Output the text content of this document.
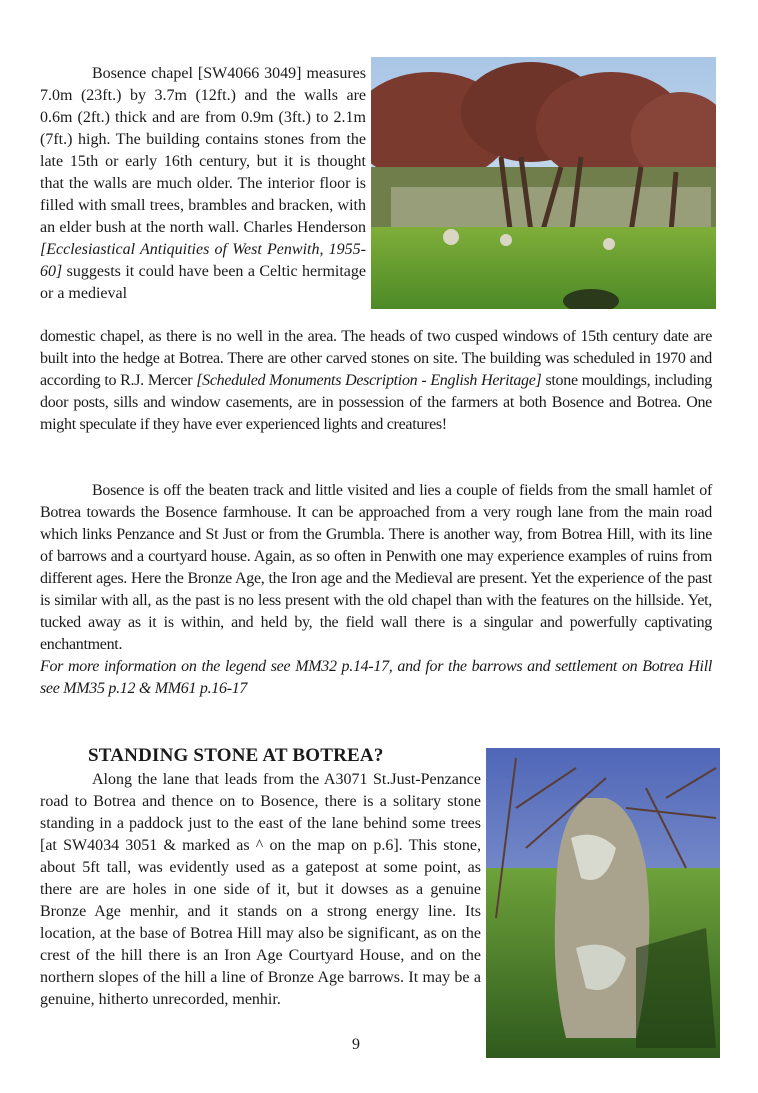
Bosence chapel [SW4066 3049] measures 7.0m (23ft.) by 3.7m (12ft.) and the walls are 0.6m (2ft.) thick and are from 0.9m (3ft.) to 2.1m (7ft.) high. The building contains stones from the late 15th or early 16th century, but it is thought that the walls are much older. The interior floor is filled with small trees, brambles and bracken, with an elder bush at the north wall. Charles Henderson [Ecclesiastical Antiquities of West Penwith, 1955-60] suggests it could have been a Celtic hermitage or a medieval

domestic chapel, as there is no well in the area. The heads of two cusped windows of 15th century date are built into the hedge at Botrea. There are other carved stones on site. The building was scheduled in 1970 and according to R.J. Mercer [Scheduled Monuments Description - English Heritage] stone mouldings, including door posts, sills and window casements, are in possession of the farmers at both Bosence and Botrea. One might speculate if they have ever experienced lights and creatures!

Bosence is off the beaten track and little visited and lies a couple of fields from the small hamlet of Botrea towards the Bosence farmhouse. It can be approached from a very rough lane from the main road which links Penzance and St Just or from the Grumbla. There is another way, from Botrea Hill, with its line of barrows and a courtyard house. Again, as so often in Penwith one may experience examples of ruins from different ages. Here the Bronze Age, the Iron age and the Medieval are present. Yet the experience of the past is similar with all, as the past is no less present with the old chapel than with the features on the hillside. Yet, tucked away as it is within, and held by, the field wall there is a singular and powerfully captivating enchantment.

For more information on the legend see MM32 p.14-17, and for the barrows and settlement on Botrea Hill see MM35 p.12 & MM61 p.16-17

STANDING STONE AT BOTREA?

Along the lane that leads from the A3071 St.Just-Penzance road to Botrea and thence on to Bosence, there is a solitary stone standing in a paddock just to the east of the lane behind some trees [at SW4034 3051 & marked as ^ on the map on p.6]. This stone, about 5ft tall, was evidently used as a gatepost at some point, as there are are holes in one side of it, but it dowses as a genuine Bronze Age menhir, and it stands on a strong energy line. Its location, at the base of Botrea Hill may also be significant, as on the crest of the hill there is an Iron Age Courtyard House, and on the northern slopes of the hill a line of Bronze Age barrows. It may be a genuine, hitherto unrecorded, menhir.

9
